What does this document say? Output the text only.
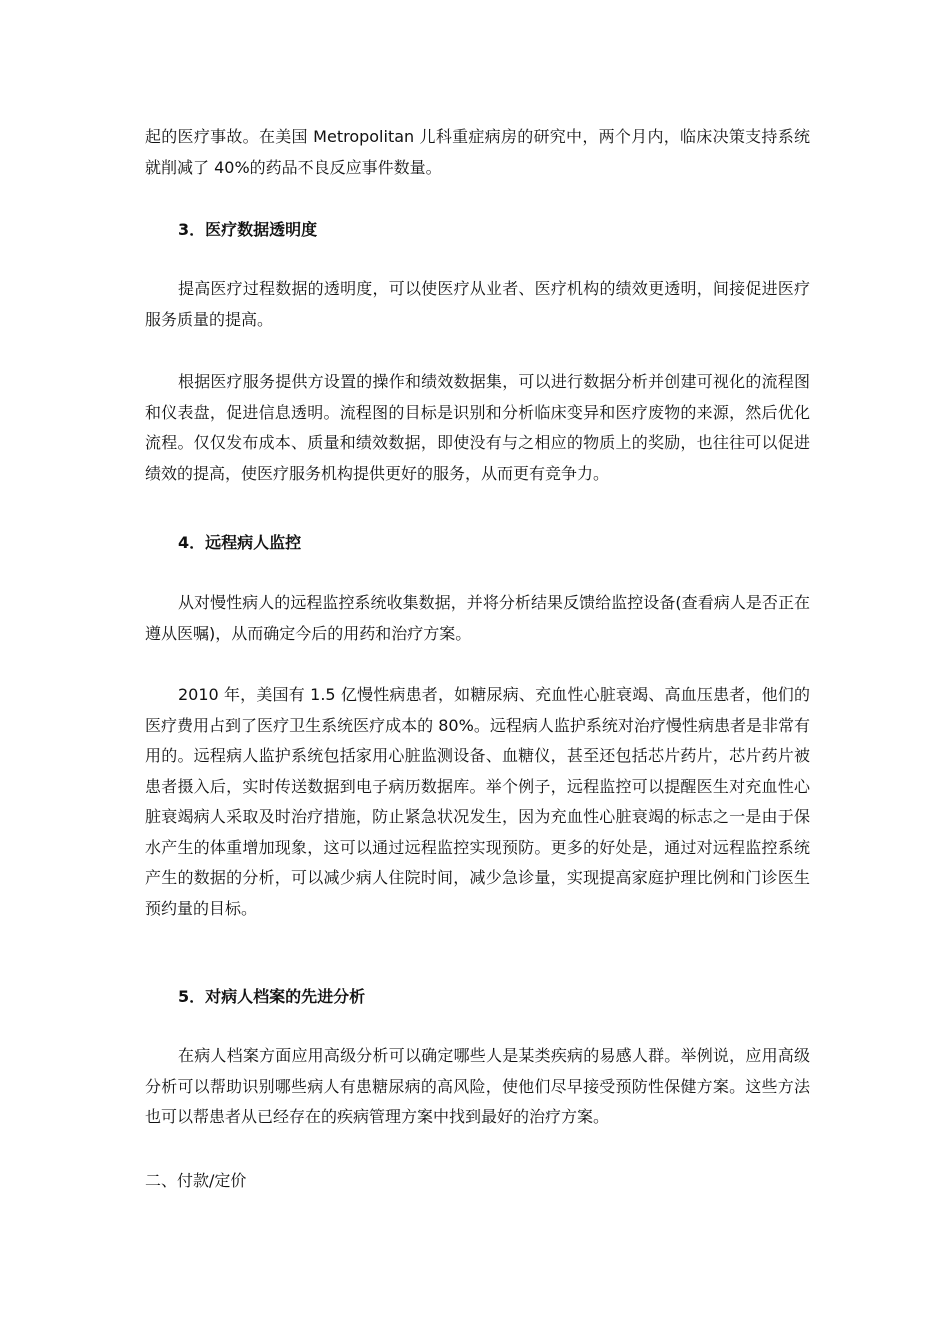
起的医疗事故。在美国 Metropolitan 儿科重症病房的研究中，两个月内，临床决策支持系统就削减了 40%的药品不良反应事件数量。

3．医疗数据透明度

提高医疗过程数据的透明度，可以使医疗从业者、医疗机构的绩效更透明，间接促进医疗服务质量的提高。

根据医疗服务提供方设置的操作和绩效数据集，可以进行数据分析并创建可视化的流程图和仪表盘，促进信息透明。流程图的目标是识别和分析临床变异和医疗废物的来源，然后优化流程。仅仅发布成本、质量和绩效数据，即使没有与之相应的物质上的奖励，也往往可以促进绩效的提高，使医疗服务机构提供更好的服务，从而更有竞争力。

4．远程病人监控

从对慢性病人的远程监控系统收集数据，并将分析结果反馈给监控设备(查看病人是否正在遵从医嘱)，从而确定今后的用药和治疗方案。

2010 年，美国有 1.5 亿慢性病患者，如糖尿病、充血性心脏衰竭、高血压患者，他们的医疗费用占到了医疗卫生系统医疗成本的 80%。远程病人监护系统对治疗慢性病患者是非常有用的。远程病人监护系统包括家用心脏监测设备、血糖仪，甚至还包括芯片药片，芯片药片被患者摄入后，实时传送数据到电子病历数据库。举个例子，远程监控可以提醒医生对充血性心脏衰竭病人采取及时治疗措施，防止紧急状况发生，因为充血性心脏衰竭的标志之一是由于保水产生的体重增加现象，这可以通过远程监控实现预防。更多的好处是，通过对远程监控系统产生的数据的分析，可以减少病人住院时间，减少急诊量，实现提高家庭护理比例和门诊医生预约量的目标。

5．对病人档案的先进分析

在病人档案方面应用高级分析可以确定哪些人是某类疾病的易感人群。举例说，应用高级分析可以帮助识别哪些病人有患糖尿病的高风险，使他们尽早接受预防性保健方案。这些方法也可以帮患者从已经存在的疾病管理方案中找到最好的治疗方案。

二、付款/定价
